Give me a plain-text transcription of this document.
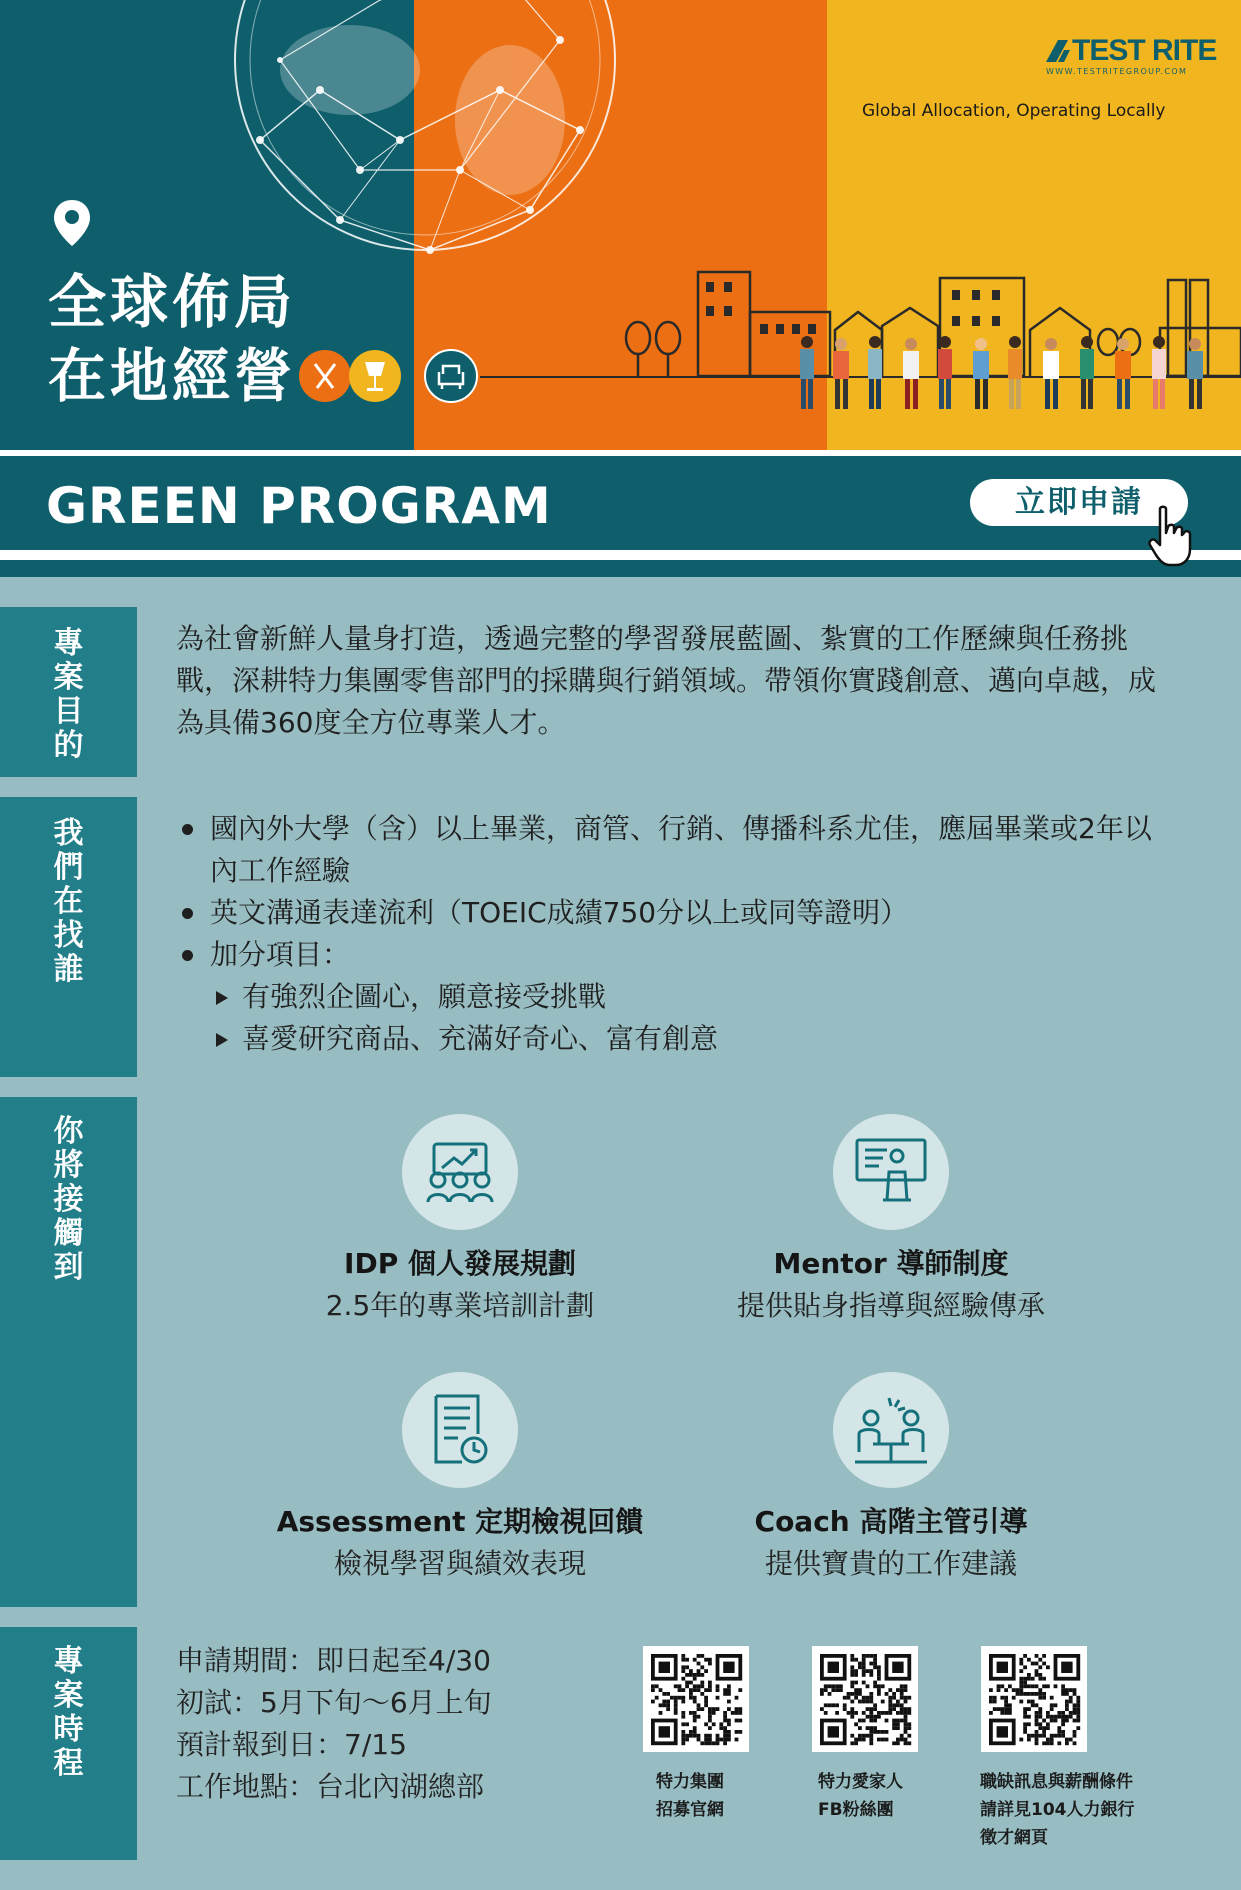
全球佈局
在地經營
TEST RITE
WWW.TESTRITEGROUP.COM
Global Allocation, Operating Locally
GREEN PROGRAM	立即申請
專
案
目
的
為社會新鮮人量身打造，透過完整的學習發展藍圖、紮實的工作歷練與任務挑戰，深耕特力集團零售部門的採購與行銷領域。帶領你實踐創意、邁向卓越，成為具備360度全方位專業人才。
我
們
在
找
誰
國內外大學（含）以上畢業，商管、行銷、傳播科系尤佳，應屆畢業或2年以內工作經驗
英文溝通表達流利（TOEIC成績750分以上或同等證明）
加分項目：
有強烈企圖心，願意接受挑戰
喜愛研究商品、充滿好奇心、富有創意
你
將
接
觸
到	IDP 個人發展規劃
2.5年的專業培訓計劃
Mentor 導師制度
提供貼身指導與經驗傳承
Assessment 定期檢視回饋
檢視學習與績效表現
Coach 高階主管引導
提供寶貴的工作建議
專
案
時
程
申請期間：即日起至4/30
初試：5月下旬～6月上旬
預計報到日：7/15
工作地點：台北內湖總部	特力集團
招募官網
特力愛家人
FB粉絲團
職缺訊息與薪酬條件
請詳見104人力銀行
徵才網頁
